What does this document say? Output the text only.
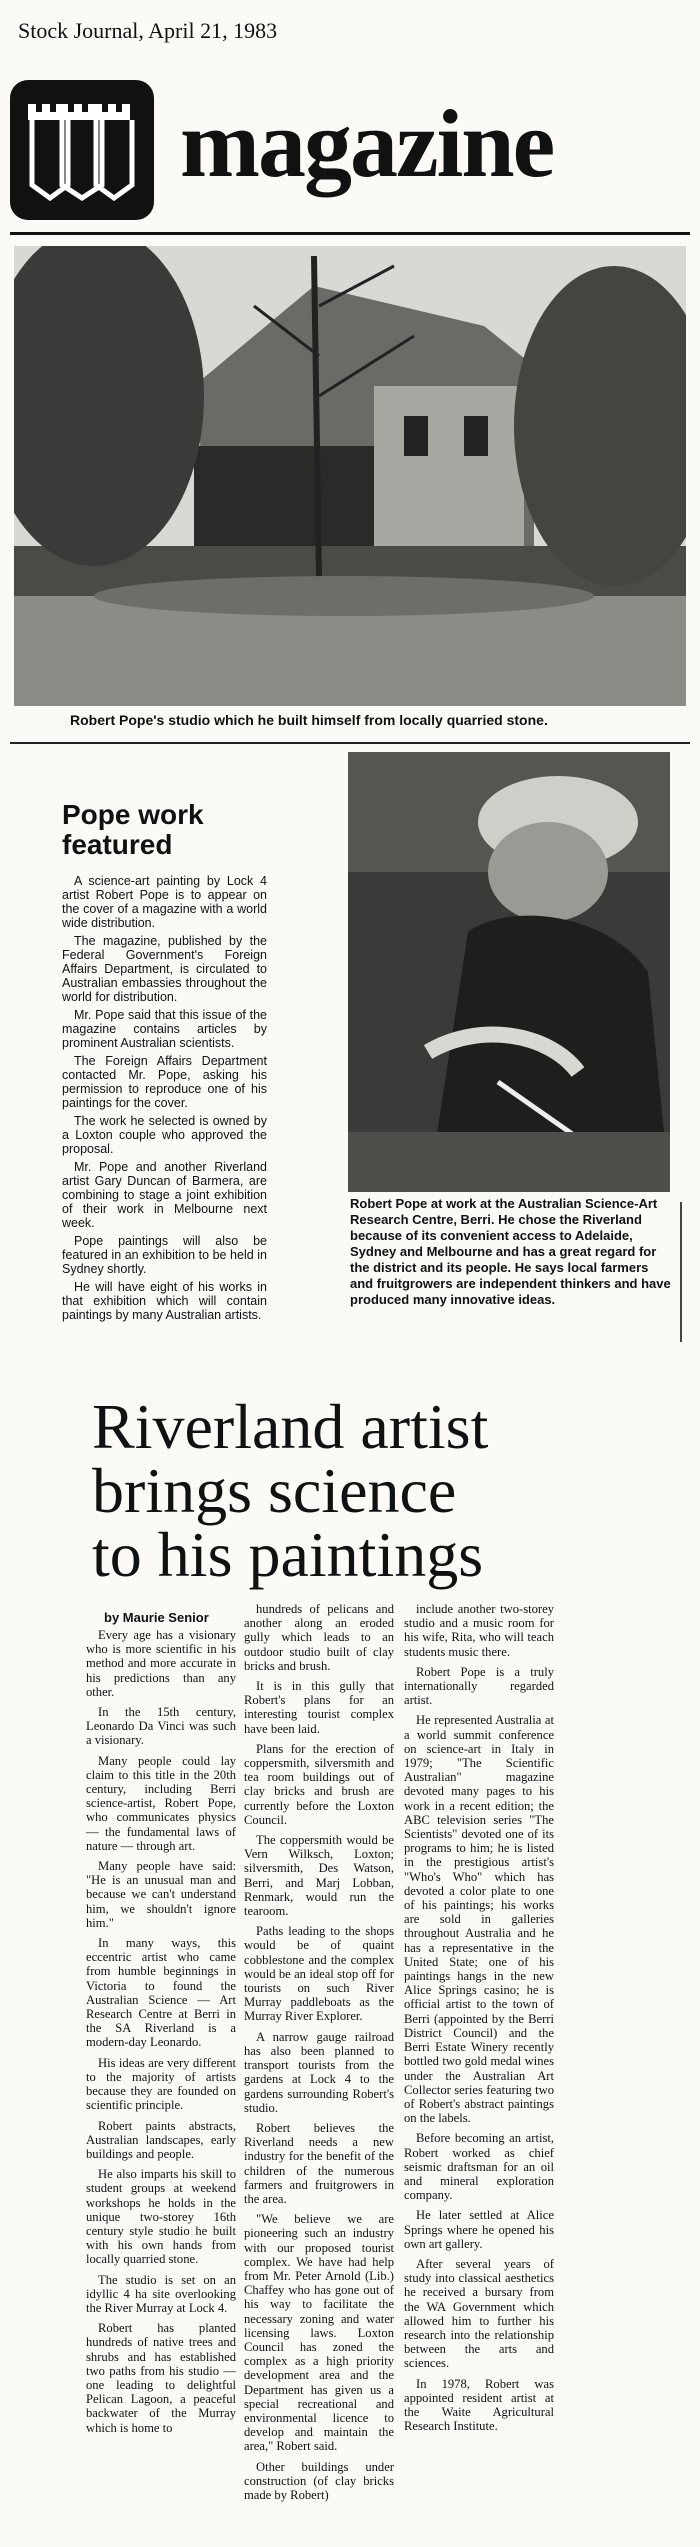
Stock Journal, April 21, 1983
magazine
Robert Pope's studio which he built himself from locally quarried stone.
Pope work
featured

A science-art painting by Lock 4 artist Robert Pope is to appear on the cover of a magazine with a world wide distribution.

The magazine, published by the Federal Government's Foreign Affairs Department, is circulated to Australian embassies throughout the world for distribution.

Mr. Pope said that this issue of the magazine contains articles by prominent Australian scientists.

The Foreign Affairs Department contacted Mr. Pope, asking his permission to reproduce one of his paintings for the cover.

The work he selected is owned by a Loxton couple who approved the proposal.

Mr. Pope and another Riverland artist Gary Duncan of Barmera, are combining to stage a joint exhibition of their work in Melbourne next week.

Pope paintings will also be featured in an exhibition to be held in Sydney shortly.

He will have eight of his works in that exhibition which will contain paintings by many Australian artists.

Robert Pope at work at the Australian Science-Art Research Centre, Berri. He chose the Riverland because of its convenient access to Adelaide, Sydney and Melbourne and has a great regard for the district and its people. He says local farmers and fruitgrowers are independent thinkers and have produced many innovative ideas.
Riverland artist
brings science
to his paintings
by Maurie Senior

Every age has a visionary who is more scientific in his method and more accurate in his predictions than any other.

In the 15th century, Leonardo Da Vinci was such a visionary.

Many people could lay claim to this title in the 20th century, including Berri science-artist, Robert Pope, who communicates physics — the fundamental laws of nature — through art.

Many people have said: "He is an unusual man and because we can't understand him, we shouldn't ignore him."

In many ways, this eccentric artist who came from humble beginnings in Victoria to found the Australian Science — Art Research Centre at Berri in the SA Riverland is a modern-day Leonardo.

His ideas are very different to the majority of artists because they are founded on scientific principle.

Robert paints abstracts, Australian landscapes, early buildings and people.

He also imparts his skill to student groups at weekend workshops he holds in the unique two-storey 16th century style studio he built with his own hands from locally quarried stone.

The studio is set on an idyllic 4 ha site overlooking the River Murray at Lock 4.

Robert has planted hundreds of native trees and shrubs and has established two paths from his studio — one leading to delightful Pelican Lagoon, a peaceful backwater of the Murray which is home to

hundreds of pelicans and another along an eroded gully which leads to an outdoor studio built of clay bricks and brush.

It is in this gully that Robert's plans for an interesting tourist complex have been laid.

Plans for the erection of coppersmith, silversmith and tea room buildings out of clay bricks and brush are currently before the Loxton Council.

The coppersmith would be Vern Wilksch, Loxton; silversmith, Des Watson, Berri, and Marj Lobban, Renmark, would run the tearoom.

Paths leading to the shops would be of quaint cobblestone and the complex would be an ideal stop off for tourists on such River Murray paddleboats as the Murray River Explorer.

A narrow gauge railroad has also been planned to transport tourists from the gardens at Lock 4 to the gardens surrounding Robert's studio.

Robert believes the Riverland needs a new industry for the benefit of the children of the numerous farmers and fruitgrowers in the area.

"We believe we are pioneering such an industry with our proposed tourist complex. We have had help from Mr. Peter Arnold (Lib.) Chaffey who has gone out of his way to facilitate the necessary zoning and water licensing laws. Loxton Council has zoned the complex as a high priority development area and the Department has given us a special recreational and environmental licence to develop and maintain the area," Robert said.

Other buildings under construction (of clay bricks made by Robert)

include another two-storey studio and a music room for his wife, Rita, who will teach students music there.

Robert Pope is a truly internationally regarded artist.

He represented Australia at a world summit conference on science-art in Italy in 1979; "The Scientific Australian" magazine devoted many pages to his work in a recent edition; the ABC television series "The Scientists" devoted one of its programs to him; he is listed in the prestigious artist's "Who's Who" which has devoted a color plate to one of his paintings; his works are sold in galleries throughout Australia and he has a representative in the United State; one of his paintings hangs in the new Alice Springs casino; he is official artist to the town of Berri (appointed by the Berri District Council) and the Berri Estate Winery recently bottled two gold medal wines under the Australian Art Collector series featuring two of Robert's abstract paintings on the labels.

Before becoming an artist, Robert worked as chief seismic draftsman for an oil and mineral exploration company.

He later settled at Alice Springs where he opened his own art gallery.

After several years of study into classical aesthetics he received a bursary from the WA Government which allowed him to further his research into the relationship between the arts and sciences.

In 1978, Robert was appointed resident artist at the Waite Agricultural Research Institute.
